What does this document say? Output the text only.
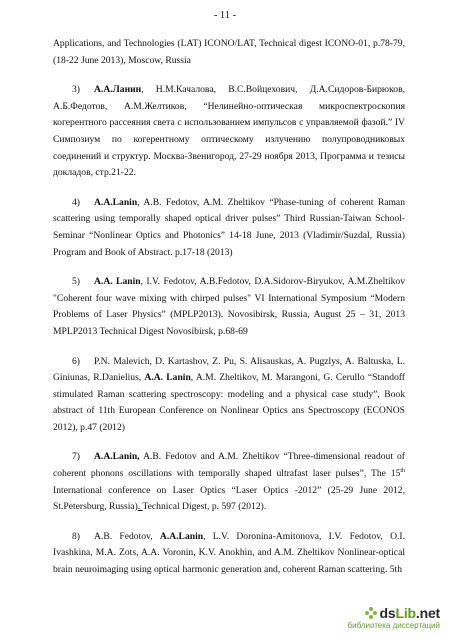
- 11 -

Applications, and Technologies (LAT) ICONO/LAT, Technical digest ICONO-01, p.78-79, (18-22 June 2013), Moscow, Russia

3) А.А.Ланин, Н.М.Качалова, В.С.Войцехович, Д.А.Сидоров-Бирюков, А.Б.Федотов, А.М.Желтиков, “Нелинейно-оптическая микроспектроскопия когерентного рассеяния света с использованием импульсов с управляемой фазой.” IV Симпозиум по когерентному оптическому излучению полупроводниковых соединений и структур. Москва-Звенигород, 27-29 ноября 2013, Программа и тезисы докладов, стр.21-22.

4) A.A.Lanin, A.B. Fedotov, A.M. Zheltikov “Phase-tuning of coherent Raman scattering using temporally shaped optical driver pulses” Third Russian-Taiwan School-Seminar “Nonlinear Optics and Photonics” 14-18 June, 2013 (Vladimir/Suzdal, Russia) Program and Book of Abstract. p.17-18 (2013)

5) A.A. Lanin, I.V. Fedotov, A.B.Fedotov, D.A.Sidorov-Biryukov, A.M.Zheltikov "Coherent four wave mixing with chirped pulses" VI International Symposium “Modern Problems of Laser Physics” (MPLP2013). Novosibirsk, Russia, August 25 – 31, 2013 MPLP2013 Technical Digest Novosibirsk, p.68-69

6) P.N. Malevich, D. Kartashov, Z. Pu, S. Alisauskas, A. Pugzlys, A. Baltuska, L. Giniunas, R.Danielius, A.A. Lanin, A.M. Zheltikov, M. Marangoni, G. Cerullo “Standoff stimulated Raman scattering spectroscopy: modeling and a physical case study”, Book abstract of 11th European Conference on Nonlinear Optics ans Spectroscopy (ECONOS 2012), p.47 (2012)

7) A.A.Lanin, A.B. Fedotov and A.M. Zheltikov “Three-dimensional readout of coherent phonons oscillations with temporally shaped ultrafast laser pulses”, The 15th International conference on Laser Optics “Laser Optics -2012” (25-29 June 2012, St.Petersburg, Russia). Technical Digest, p. 597 (2012).

8) A.B. Fedotov, A.A.Lanin, L.V. Doronina-Amitonova, I.V. Fedotov, O.I. Ivashkina, M.A. Zots, A.A. Voronin, K.V. Anokhin, and A.M. Zheltikov Nonlinear-optical brain neuroimaging using optical harmonic generation and, coherent Raman scattering. 5th

dsLib.net
библиотека диссертаций
